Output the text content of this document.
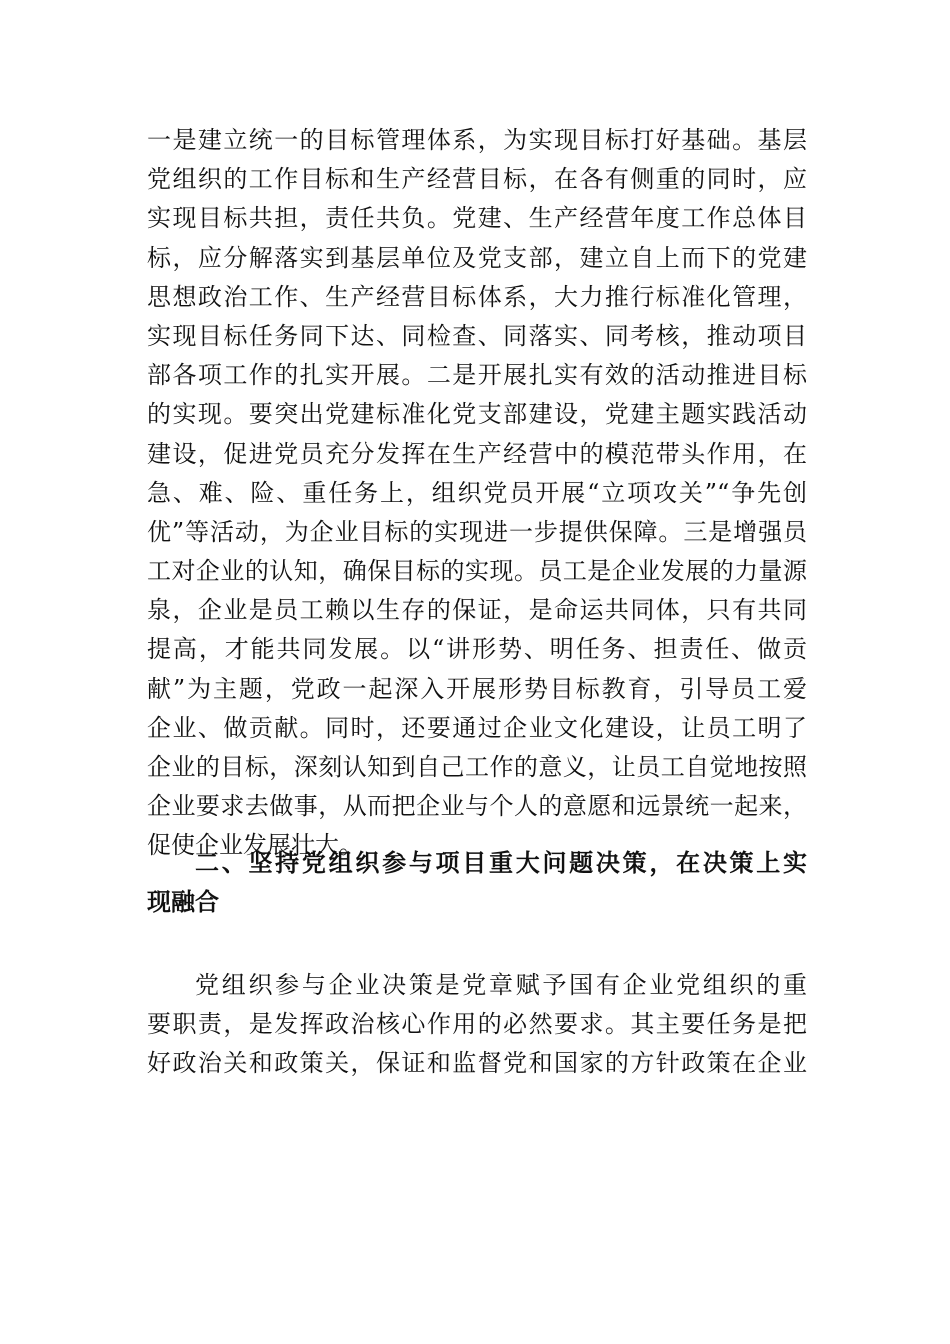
一是建立统一的目标管理体系，为实现目标打好基础。基层
党组织的工作目标和生产经营目标，在各有侧重的同时，应
实现目标共担，责任共负。党建、生产经营年度工作总体目
标，应分解落实到基层单位及党支部，建立自上而下的党建
思想政治工作、生产经营目标体系，大力推行标准化管理，
实现目标任务同下达、同检查、同落实、同考核，推动项目
部各项工作的扎实开展。二是开展扎实有效的活动推进目标
的实现。要突出党建标准化党支部建设，党建主题实践活动
建设，促进党员充分发挥在生产经营中的模范带头作用，在
急、难、险、重任务上，组织党员开展“立项攻关”“争先创
优”等活动，为企业目标的实现进一步提供保障。三是增强员
工对企业的认知，确保目标的实现。员工是企业发展的力量源
泉，企业是员工赖以生存的保证，是命运共同体，只有共同
提高，才能共同发展。以“讲形势、明任务、担责任、做贡
献”为主题，党政一起深入开展形势目标教育，引导员工爱
企业、做贡献。同时，还要通过企业文化建设，让员工明了
企业的目标，深刻认知到自己工作的意义，让员工自觉地按照
企业要求去做事，从而把企业与个人的意愿和远景统一起来，
促使企业发展壮大。
二、坚持党组织参与项目重大问题决策，在决策上实
现融合
党组织参与企业决策是党章赋予国有企业党组织的重
要职责，是发挥政治核心作用的必然要求。其主要任务是把
好政治关和政策关，保证和监督党和国家的方针政策在企业
